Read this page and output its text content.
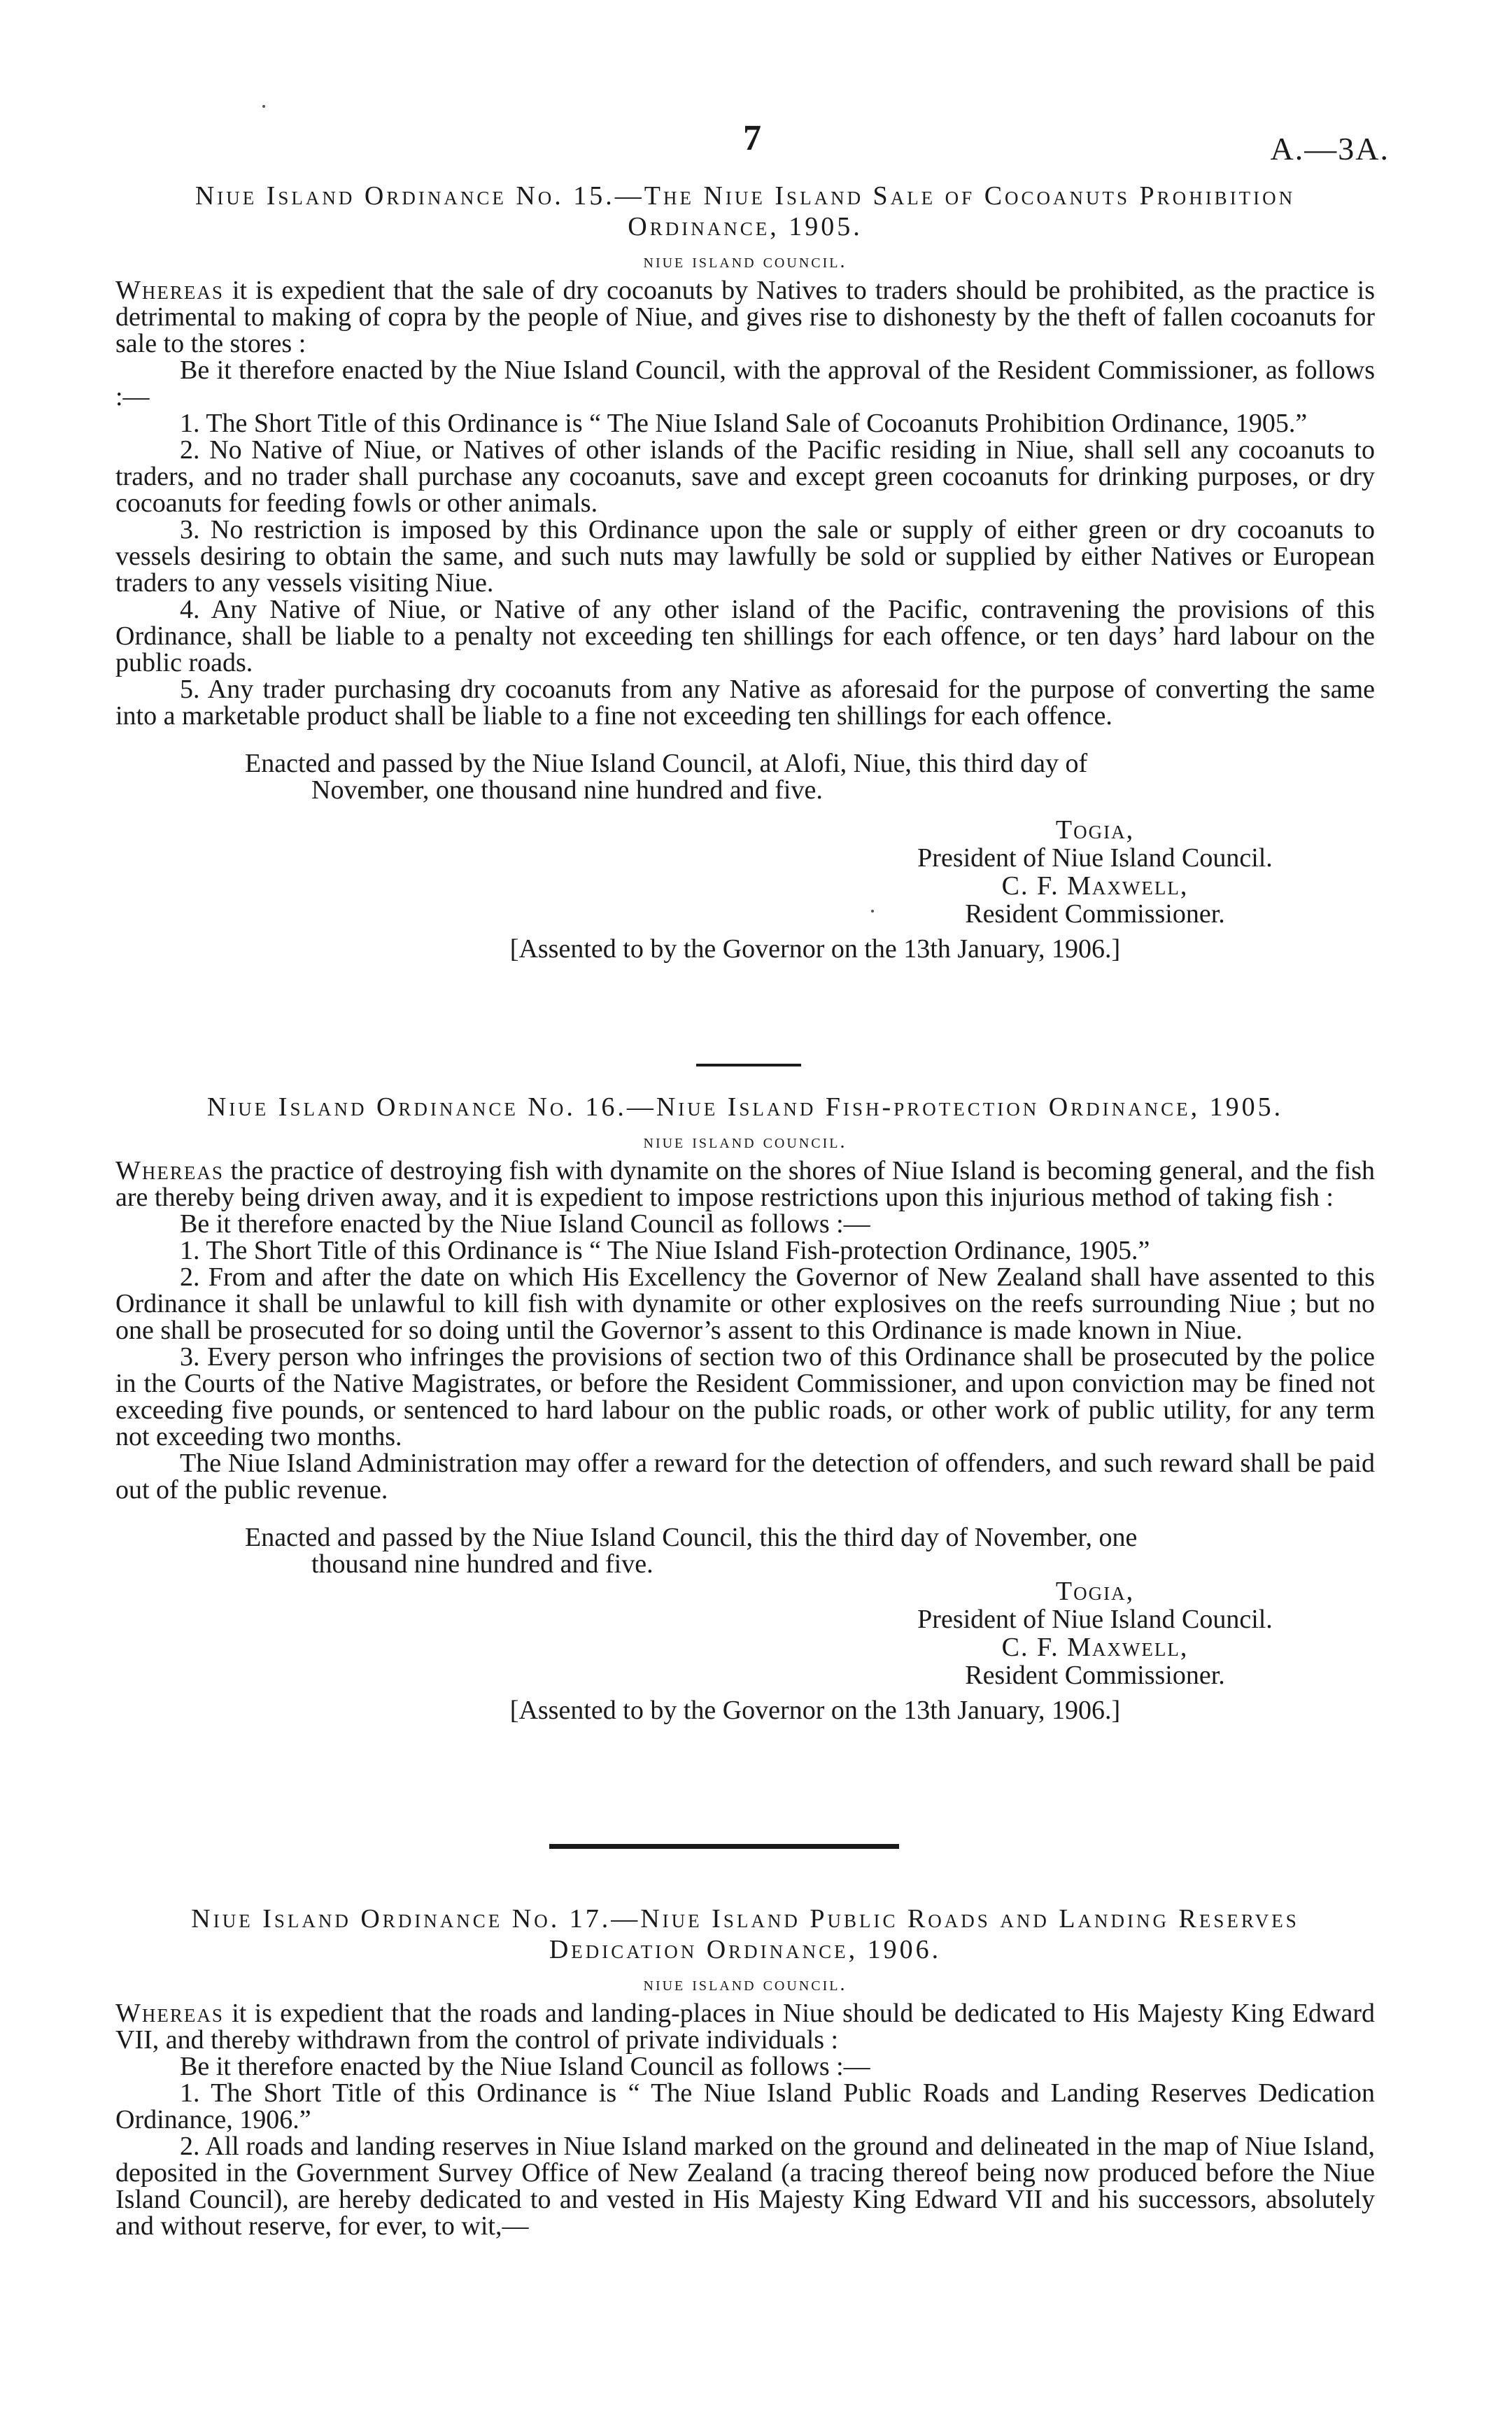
7	A.—3A.
Niue Island Ordinance No. 15.—The Niue Island Sale of Cocoanuts Prohibition
Ordinance, 1905.
niue island council.

Whereas it is expedient that the sale of dry cocoanuts by Natives to traders should be prohibited, as the practice is detrimental to making of copra by the people of Niue, and gives rise to dishonesty by the theft of fallen cocoanuts for sale to the stores :

Be it therefore enacted by the Niue Island Council, with the approval of the Resident Commissioner, as follows :—

1. The Short Title of this Ordinance is “ The Niue Island Sale of Cocoanuts Prohibition Ordinance, 1905.”

2. No Native of Niue, or Natives of other islands of the Pacific residing in Niue, shall sell any cocoanuts to traders, and no trader shall purchase any cocoanuts, save and except green cocoanuts for drinking purposes, or dry cocoanuts for feeding fowls or other animals.

3. No restriction is imposed by this Ordinance upon the sale or supply of either green or dry cocoanuts to vessels desiring to obtain the same, and such nuts may lawfully be sold or supplied by either Natives or European traders to any vessels visiting Niue.

4. Any Native of Niue, or Native of any other island of the Pacific, contravening the provisions of this Ordinance, shall be liable to a penalty not exceeding ten shillings for each offence, or ten days’ hard labour on the public roads.

5. Any trader purchasing dry cocoanuts from any Native as aforesaid for the purpose of converting the same into a marketable product shall be liable to a fine not exceeding ten shillings for each offence.

Enacted and passed by the Niue Island Council, at Alofi, Niue, this third day of
November, one thousand nine hundred and five.
Togia,
President of Niue Island Council.
C. F. Maxwell,
Resident Commissioner.
[Assented to by the Governor on the 13th January, 1906.]
Niue Island Ordinance No. 16.—Niue Island Fish-protection Ordinance, 1905.
niue island council.

Whereas the practice of destroying fish with dynamite on the shores of Niue Island is becoming general, and the fish are thereby being driven away, and it is expedient to impose restrictions upon this injurious method of taking fish :

Be it therefore enacted by the Niue Island Council as follows :—

1. The Short Title of this Ordinance is “ The Niue Island Fish-protection Ordinance, 1905.”

2. From and after the date on which His Excellency the Governor of New Zealand shall have assented to this Ordinance it shall be unlawful to kill fish with dynamite or other explosives on the reefs surrounding Niue ; but no one shall be prosecuted for so doing until the Governor’s assent to this Ordinance is made known in Niue.

3. Every person who infringes the provisions of section two of this Ordinance shall be prosecuted by the police in the Courts of the Native Magistrates, or before the Resident Commissioner, and upon conviction may be fined not exceeding five pounds, or sentenced to hard labour on the public roads, or other work of public utility, for any term not exceeding two months.

The Niue Island Administration may offer a reward for the detection of offenders, and such reward shall be paid out of the public revenue.

Enacted and passed by the Niue Island Council, this the third day of November, one
thousand nine hundred and five.
Togia,
President of Niue Island Council.
C. F. Maxwell,
Resident Commissioner.
[Assented to by the Governor on the 13th January, 1906.]
Niue Island Ordinance No. 17.—Niue Island Public Roads and Landing Reserves
Dedication Ordinance, 1906.
niue island council.

Whereas it is expedient that the roads and landing-places in Niue should be dedicated to His Majesty King Edward VII, and thereby withdrawn from the control of private individuals :

Be it therefore enacted by the Niue Island Council as follows :—

1. The Short Title of this Ordinance is “ The Niue Island Public Roads and Landing Reserves Dedication Ordinance, 1906.”

2. All roads and landing reserves in Niue Island marked on the ground and delineated in the map of Niue Island, deposited in the Government Survey Office of New Zealand (a tracing thereof being now produced before the Niue Island Council), are hereby dedicated to and vested in His Majesty King Edward VII and his successors, absolutely and without reserve, for ever, to wit,—
